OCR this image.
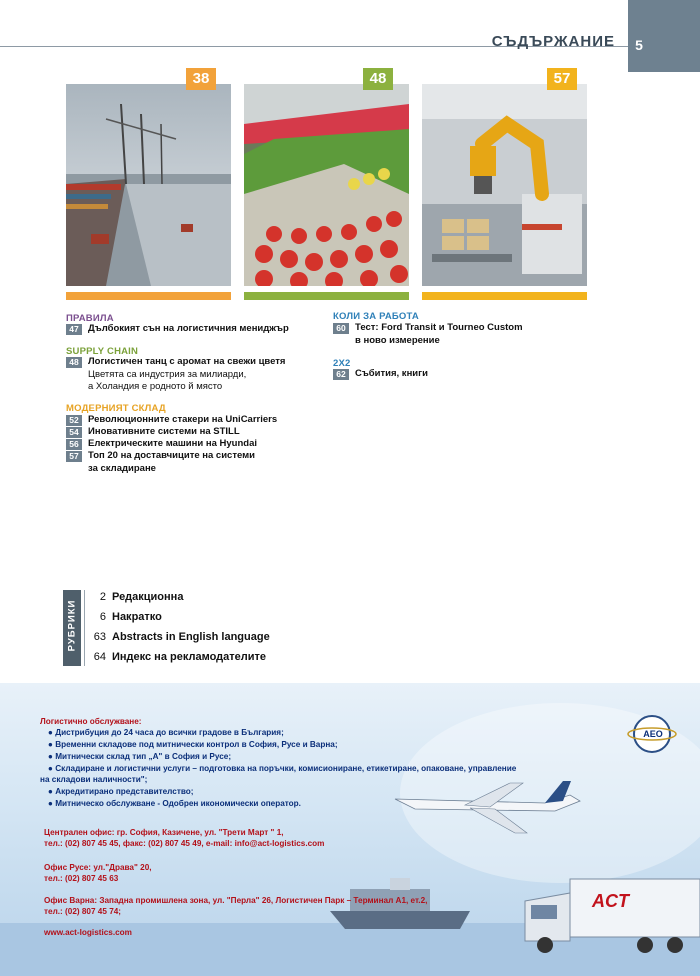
СЪДЪРЖАНИЕ	5
38	48	57
ПРАВИЛА
47 Дълбокият сън на логистичния мениджър
SUPPLY CHAIN
48 Логистичен танц с аромат на свежи цветя
Цветята са индустрия за милиарди,
а Холандия е родното й място
МОДЕРНИЯТ СКЛАД
52 Революционните стакери на UniCarriers
54 Иновативните системи на STILL
56 Електрическите машини на Hyundai
57 Топ 20 на доставчиците на системи
за складиране
КОЛИ ЗА РАБОТА
60 Тест: Ford Transit и Tourneo Custom
в ново измерение
2X2
62 Събития, книги
РУБРИКИ
2 Редакционна
6 Накратко
63 Abstracts in English language
64 Индекс на рекламодателите
AEO
ACT
Логистично обслужване:
● Дистрибуция до 24 часа до всички градове в България;
● Временни складове под митнически контрол в София, Русе и Варна;
● Митнически склад тип „А" в София и Русе;
● Складиране и логистични услуги – подготовка на поръчки, комисиониране, етикетиране, опаковане, управление
на складови наличности";
● Акредитирано представителство;
● Митническо обслужване - Одобрен икономически оператор.
Централен офис: гр. София, Казичене, ул. "Трети Март " 1,
тел.: (02) 807 45 45, факс: (02) 807 45 49, e-mail: info@act-logistics.com
Офис Русе: ул."Драва" 20,
тел.: (02) 807 45 63
Офис Варна: Западна промишлена зона, ул. "Перла" 26, Логистичен Парк – Терминал А1, ет.2,
тел.: (02) 807 45 74;
www.act-logistics.com
